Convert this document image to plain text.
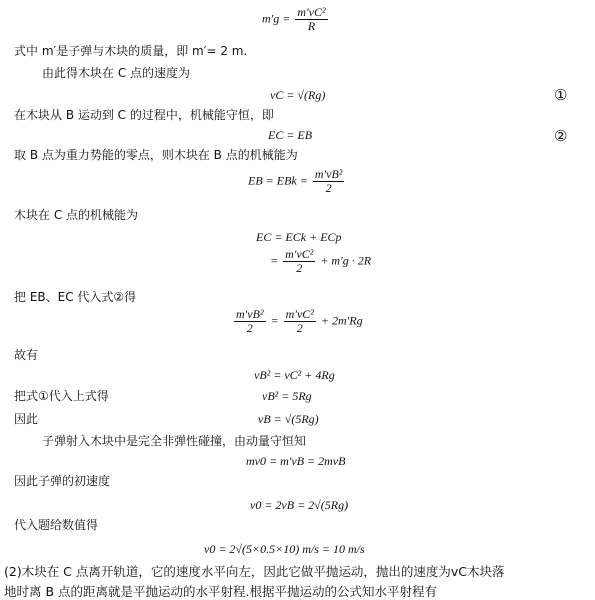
$m'g = \frac{\text{m′vC²}}{R}$
式中 m′是子弹与木块的质量，即 m′= 2 m.
由此得木块在 C 点的速度为
vC = √(Rg)	①
在木块从 B 运动到 C 的过程中，机械能守恒，即
EC = EB	②
取 B 点为重力势能的零点，则木块在 B 点的机械能为
EB = EBk = $\frac{\text{m′vB²}}{2}$
木块在 C 点的机械能为
EC = ECk + ECp
= $\frac{\text{m′vC²}}{2} + m'g \cdot 2R$
把 EB、EC 代入式②得
$\frac{\text{m′vB²}}{2} = \frac{\text{m′vC²}}{2} + 2m'Rg$
故有
vB² = vC² + 4Rg
把式①代入上式得	vB² = 5Rg
因此	vB = √(5Rg)
子弹射入木块中是完全非弹性碰撞，由动量守恒知
mv0 = m′vB = 2mvB
因此子弹的初速度
v0 = 2vB = 2√(5Rg)
代入题给数值得
v0 = 2√(5×0.5×10) m/s = 10 m/s
(2)木块在 C 点离开轨道，它的速度水平向左，因此它做平抛运动，抛出的速度为vC木块落
地时离 B 点的距离就是平抛运动的水平射程.根据平抛运动的公式知水平射程有
